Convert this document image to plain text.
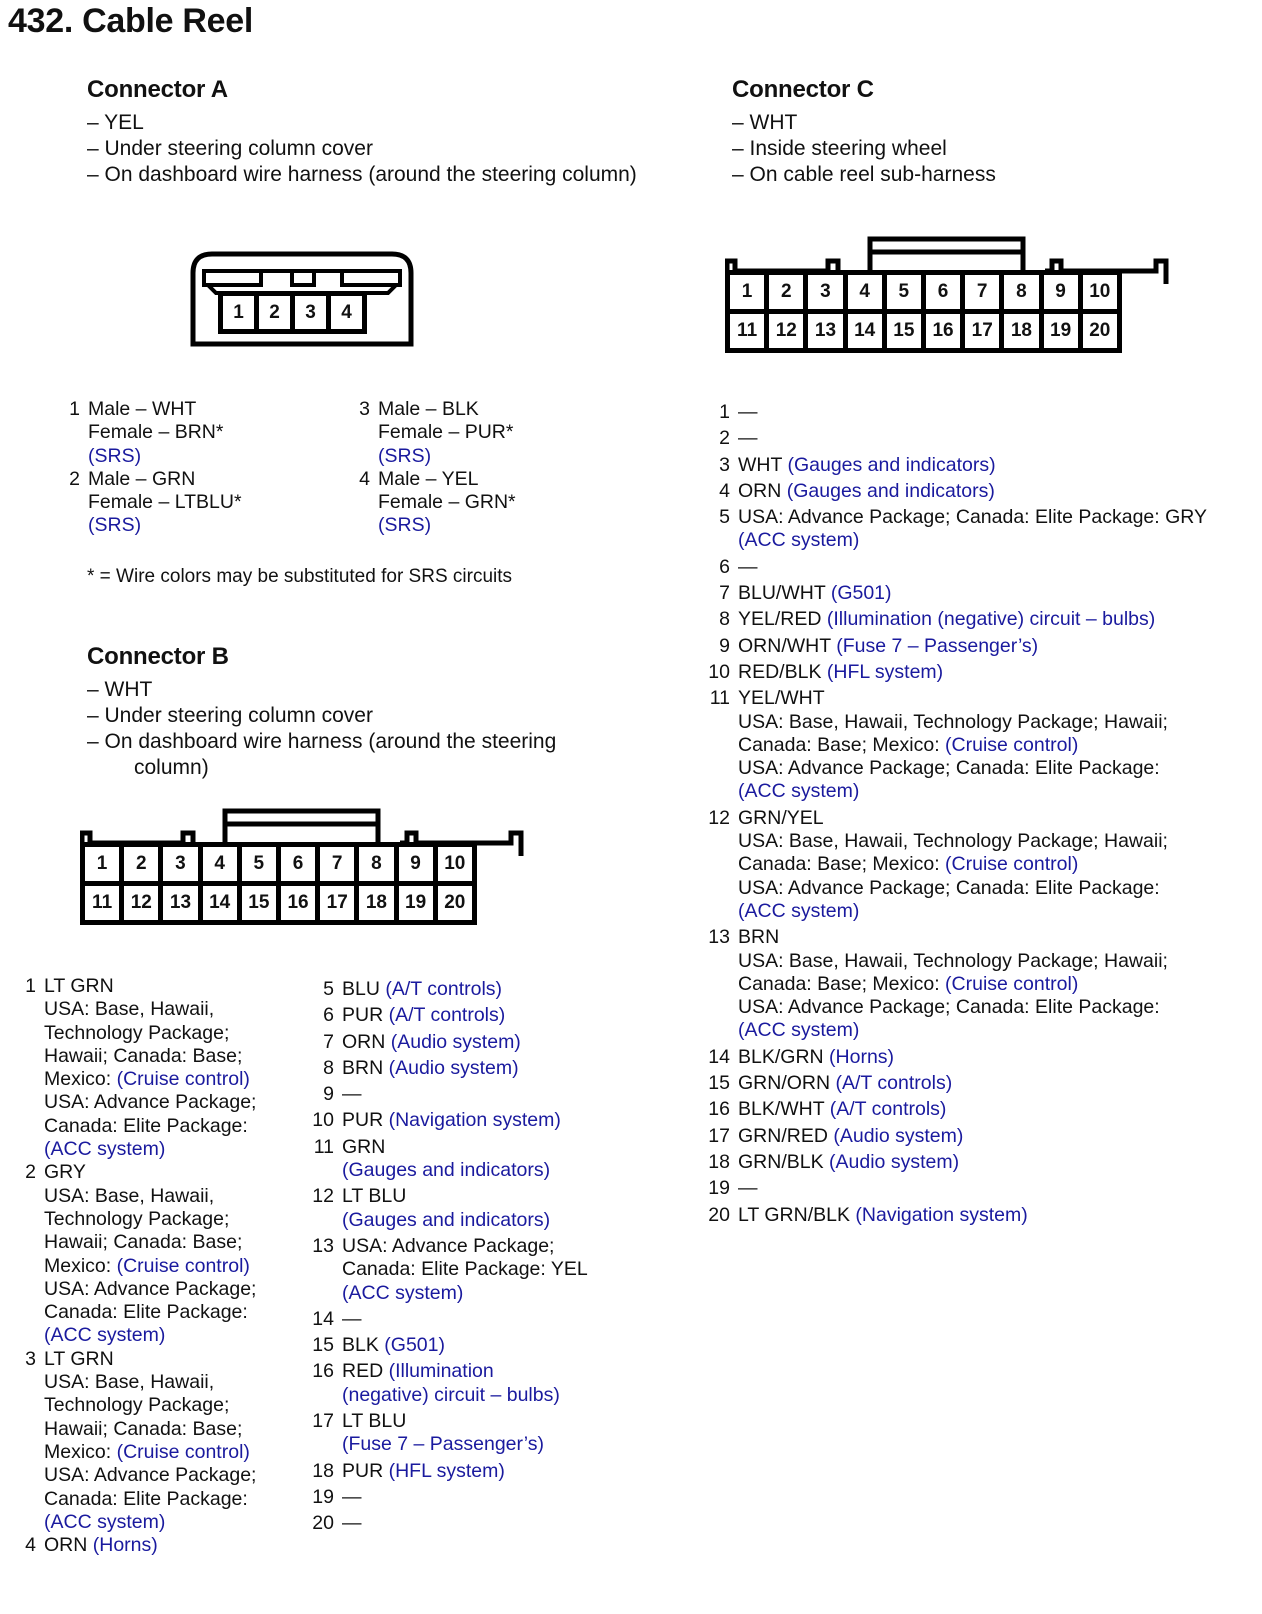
432. Cable Reel
Connector A
– YEL
– Under steering column cover
– On dashboard wire harness (around the steering column)
1	2	3	4
1 Male – WHT
Female – BRN*
(SRS)
2 Male – GRN
Female – LTBLU*
(SRS)
3 Male – BLK
Female – PUR*
(SRS)
4 Male – YEL
Female – GRN*
(SRS)
* = Wire colors may be substituted for SRS circuits
Connector B
– WHT
– Under steering column cover
– On dashboard wire harness (around the steering
column)
1	2	3	4	5	6	7	8	9	10
11 12 13 14 15 16 17 18 19 20
1 LT GRN
USA: Base, Hawaii,
Technology Package;
Hawaii; Canada: Base;
Mexico: (Cruise control)
USA: Advance Package;
Canada: Elite Package:
(ACC system)
2 GRY
USA: Base, Hawaii,
Technology Package;
Hawaii; Canada: Base;
Mexico: (Cruise control)
USA: Advance Package;
Canada: Elite Package:
(ACC system)
3 LT GRN
USA: Base, Hawaii,
Technology Package;
Hawaii; Canada: Base;
Mexico: (Cruise control)
USA: Advance Package;
Canada: Elite Package:
(ACC system)
4 ORN (Horns)
5 BLU (A/T controls)
6 PUR (A/T controls)
7 ORN (Audio system)
8 BRN (Audio system)
9 —
10 PUR (Navigation system)
11 GRN
(Gauges and indicators)
12 LT BLU
(Gauges and indicators)
13 USA: Advance Package;
Canada: Elite Package: YEL
(ACC system)
14 —
15 BLK (G501)
16 RED (Illumination
(negative) circuit – bulbs)
17 LT BLU
(Fuse 7 – Passenger’s)
18 PUR (HFL system)
19 —
20 —
Connector C
– WHT
– Inside steering wheel
– On cable reel sub-harness
1	2	3	4	5	6	7	8	9	10
11 12 13 14 15 16 17 18 19 20
1 —
2 —
3 WHT (Gauges and indicators)
4 ORN (Gauges and indicators)
5 USA: Advance Package; Canada: Elite Package: GRY
(ACC system)
6 —
7 BLU/WHT (G501)
8 YEL/RED (Illumination (negative) circuit – bulbs)
9 ORN/WHT (Fuse 7 – Passenger’s)
10 RED/BLK (HFL system)
11 YEL/WHT
USA: Base, Hawaii, Technology Package; Hawaii;
Canada: Base; Mexico: (Cruise control)
USA: Advance Package; Canada: Elite Package:
(ACC system)
12 GRN/YEL
USA: Base, Hawaii, Technology Package; Hawaii;
Canada: Base; Mexico: (Cruise control)
USA: Advance Package; Canada: Elite Package:
(ACC system)
13 BRN
USA: Base, Hawaii, Technology Package; Hawaii;
Canada: Base; Mexico: (Cruise control)
USA: Advance Package; Canada: Elite Package:
(ACC system)
14 BLK/GRN (Horns)
15 GRN/ORN (A/T controls)
16 BLK/WHT (A/T controls)
17 GRN/RED (Audio system)
18 GRN/BLK (Audio system)
19 —
20 LT GRN/BLK (Navigation system)
